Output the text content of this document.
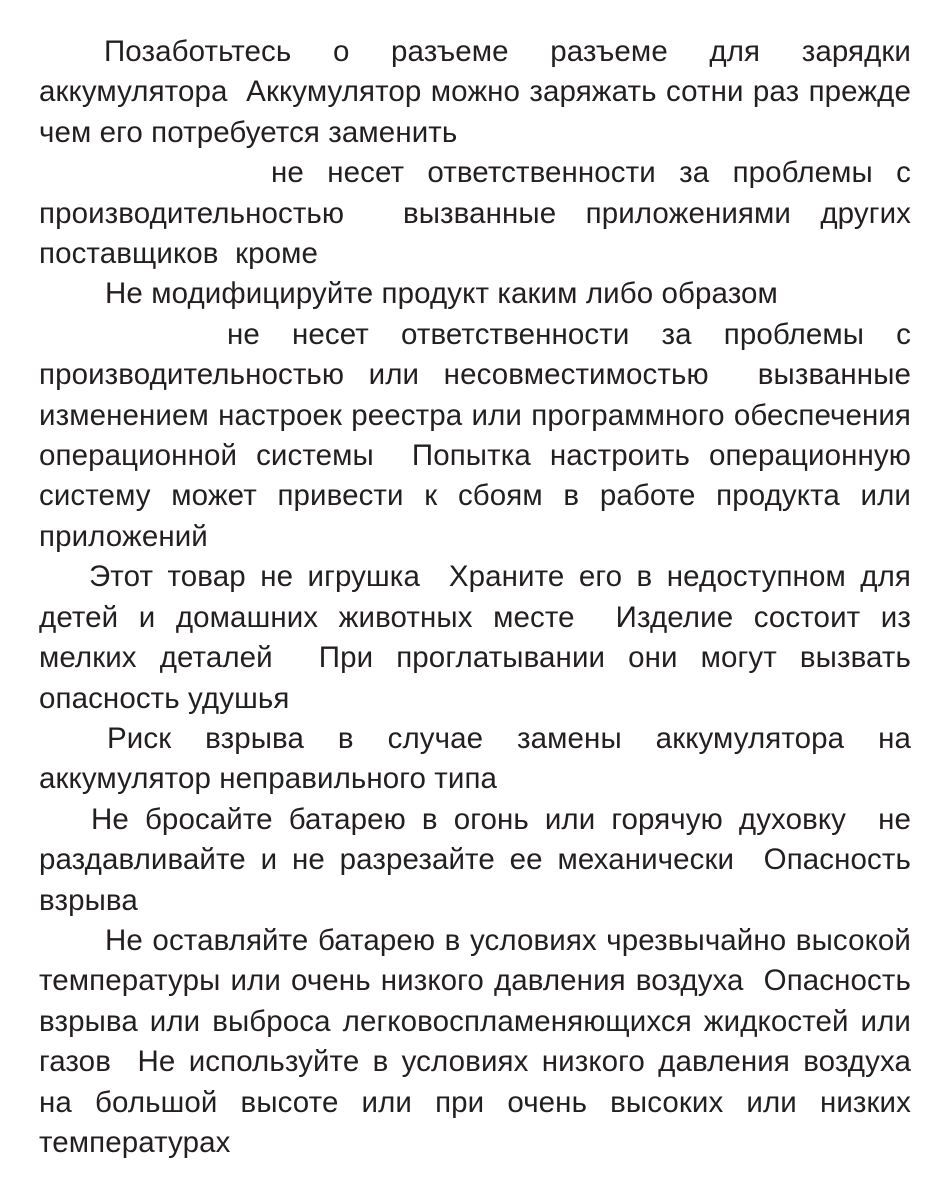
Позаботьтесь о разъеме разъеме для зарядки аккумулятора  Аккумулятор можно заряжать сотни раз прежде чем его потребуется заменить

не несет ответственности за проблемы с производительностью  вызванные приложениями других поставщиков  кроме

Не модифицируйте продукт каким либо образом

не несет ответственности за проблемы с производительностью или несовместимостью  вызванные изменением настроек реестра или программного обеспечения операционной системы  Попытка настроить операционную систему может привести к сбоям в работе продукта или приложений

Этот товар не игрушка  Храните его в недоступном для детей и домашних животных месте  Изделие состоит из мелких деталей  При проглатывании они могут вызвать опасность удушья

Риск взрыва в случае замены аккумулятора на аккумулятор неправильного типа

Не бросайте батарею в огонь или горячую духовку  не раздавливайте и не разрезайте ее механически  Опасность взрыва

Не оставляйте батарею в условиях чрезвычайно высокой температуры или очень низкого давления воздуха  Опасность взрыва или выброса легковоспламеняющихся жидкостей или газов  Не используйте в условиях низкого давления воздуха на большой высоте или при очень высоких или низких температурах
